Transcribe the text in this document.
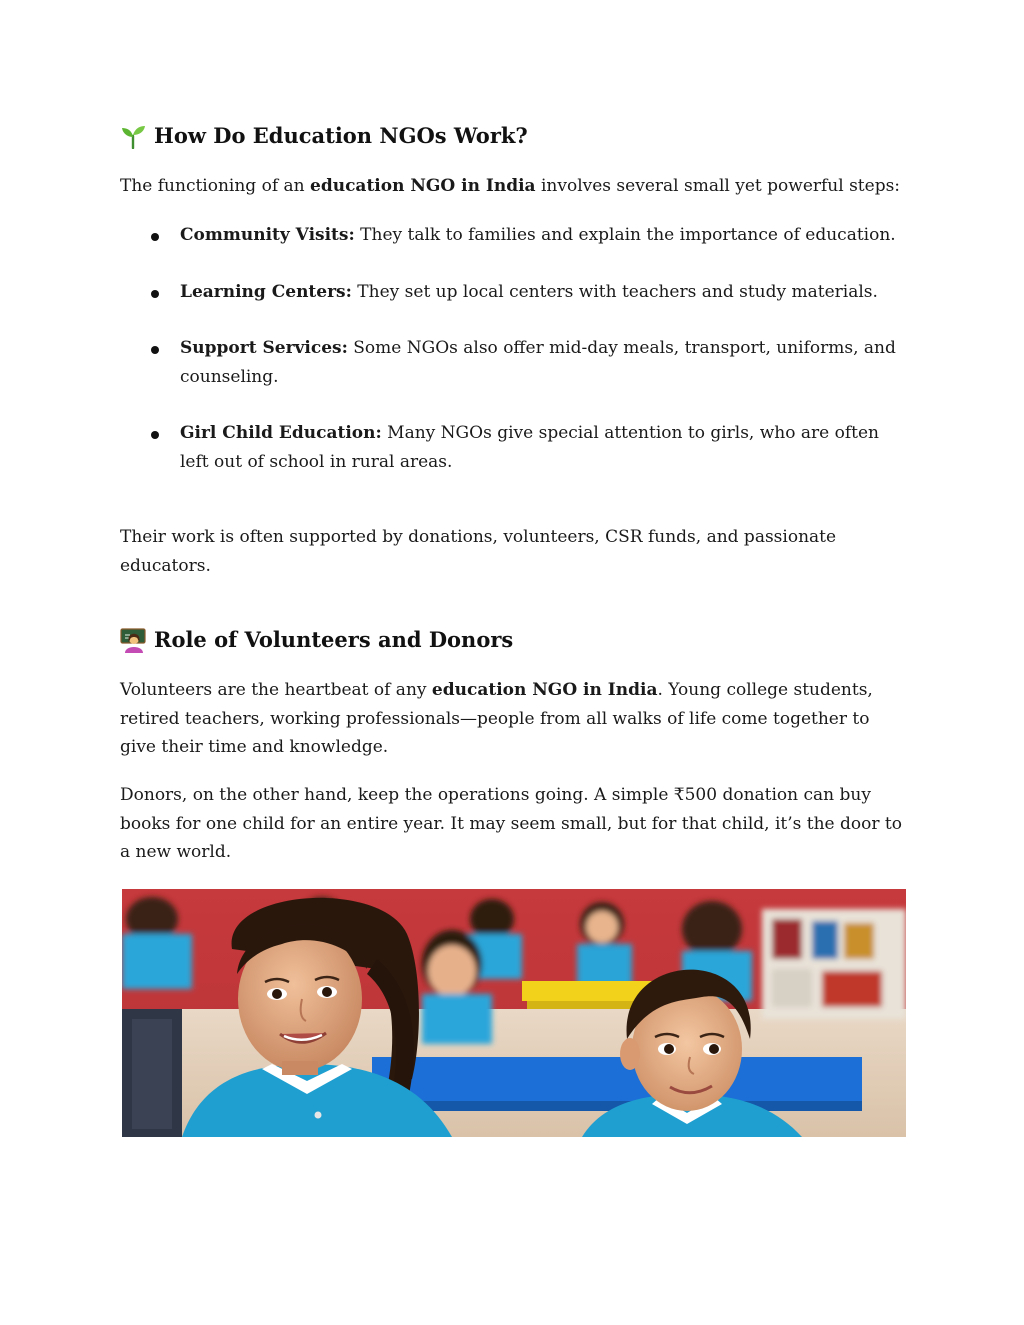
How Do Education NGOs Work?

The functioning of an education NGO in India involves several small yet powerful steps:

Community Visits: They talk to families and explain the importance of education.
Learning Centers: They set up local centers with teachers and study materials.
Support Services: Some NGOs also offer mid-day meals, transport, uniforms, and counseling.
Girl Child Education: Many NGOs give special attention to girls, who are often left out of school in rural areas.

Their work is often supported by donations, volunteers, CSR funds, and passionate educators.

Role of Volunteers and Donors

Volunteers are the heartbeat of any education NGO in India. Young college students, retired teachers, working professionals—people from all walks of life come together to give their time and knowledge.

Donors, on the other hand, keep the operations going. A simple ₹500 donation can buy books for one child for an entire year. It may seem small, but for that child, it’s the door to a new world.
